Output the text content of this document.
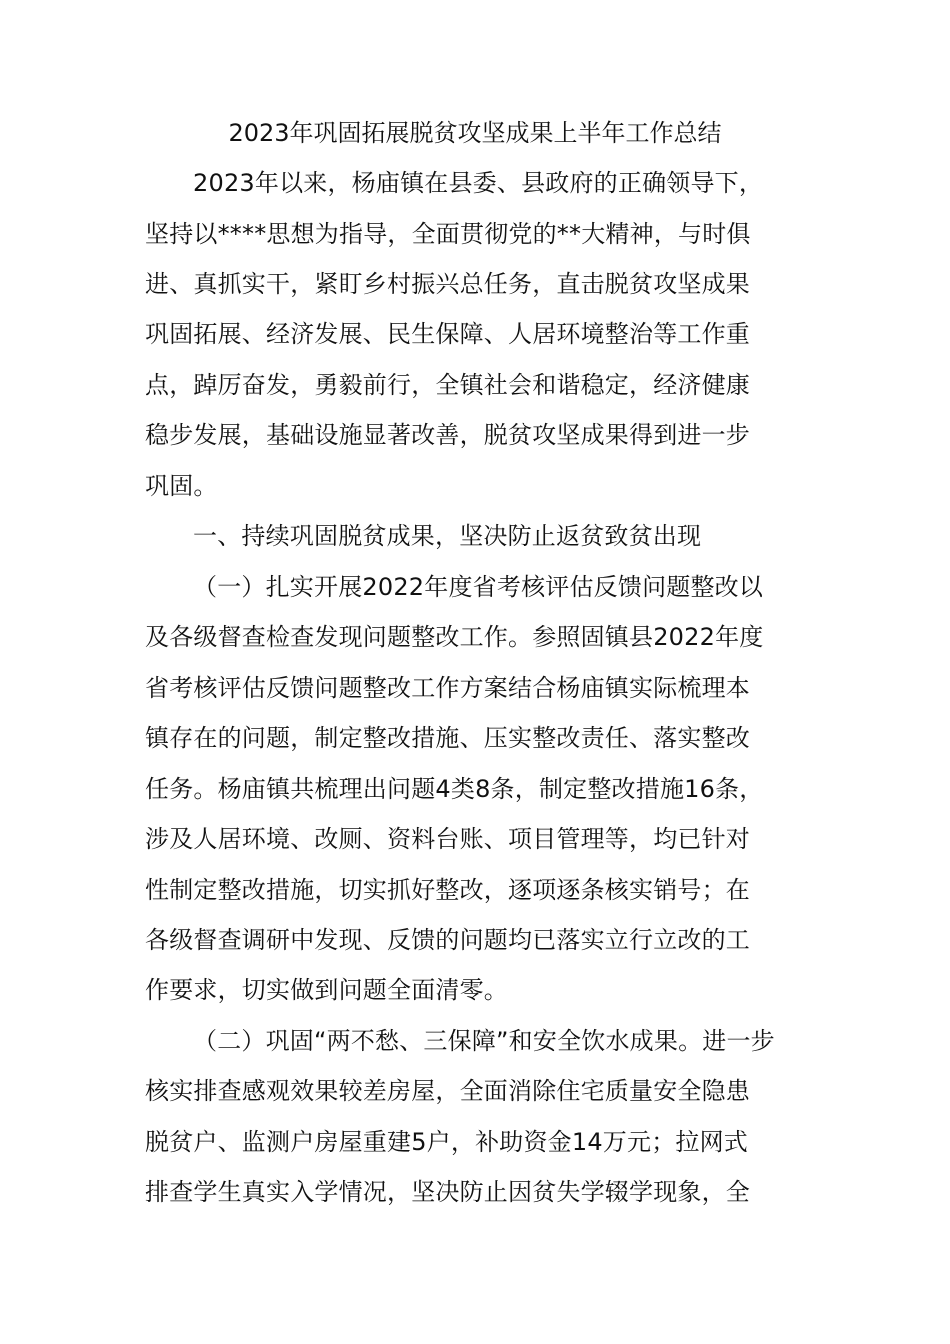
2023年巩固拓展脱贫攻坚成果上半年工作总结
2023年以来，杨庙镇在县委、县政府的正确领导下，
坚持以****思想为指导，全面贯彻党的**大精神，与时俱
进、真抓实干，紧盯乡村振兴总任务，直击脱贫攻坚成果
巩固拓展、经济发展、民生保障、人居环境整治等工作重
点，踔厉奋发，勇毅前行，全镇社会和谐稳定，经济健康
稳步发展，基础设施显著改善，脱贫攻坚成果得到进一步
巩固。
一、持续巩固脱贫成果，坚决防止返贫致贫出现
（一）扎实开展2022年度省考核评估反馈问题整改以
及各级督查检查发现问题整改工作。参照固镇县2022年度
省考核评估反馈问题整改工作方案结合杨庙镇实际梳理本
镇存在的问题，制定整改措施、压实整改责任、落实整改
任务。杨庙镇共梳理出问题4类8条，制定整改措施16条，
涉及人居环境、改厕、资料台账、项目管理等，均已针对
性制定整改措施，切实抓好整改，逐项逐条核实销号；在
各级督查调研中发现、反馈的问题均已落实立行立改的工
作要求，切实做到问题全面清零。
（二）巩固“两不愁、三保障”和安全饮水成果。进一步
核实排查感观效果较差房屋，全面消除住宅质量安全隐患
脱贫户、监测户房屋重建5户，补助资金14万元；拉网式
排查学生真实入学情况，坚决防止因贫失学辍学现象，全
